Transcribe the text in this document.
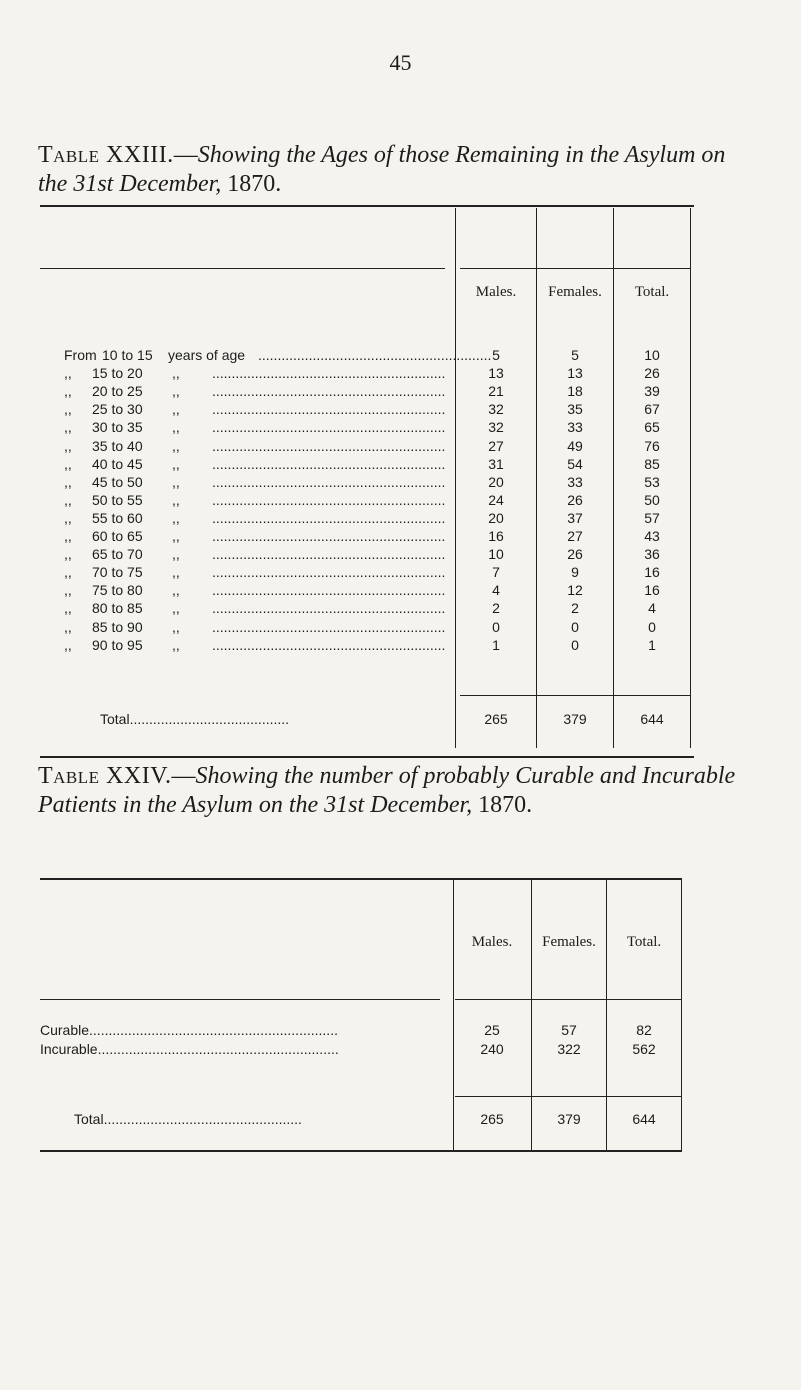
45
Table XXIII.—Showing the Ages of those Remaining in the Asylum on the 31st December, 1870.
Males.	Females.	Total.
From 10 to 15 years of age ............................................................ 5	5	10
,, 15 to 20 ,, ............................................................	13	13	26
,, 20 to 25 ,, ............................................................	21	18	39
,, 25 to 30 ,, ............................................................	32	35	67
,, 30 to 35 ,, ............................................................	32	33	65
,, 35 to 40 ,, ............................................................	27	49	76
,, 40 to 45 ,, ............................................................	31	54	85
,, 45 to 50 ,, ............................................................	20	33	53
,, 50 to 55 ,, ............................................................	24	26	50
,, 55 to 60 ,, ............................................................	20	37	57
,, 60 to 65 ,, ............................................................	16	27	43
,, 65 to 70 ,, ............................................................	10	26	36
,, 70 to 75 ,, ............................................................	7	9	16
,, 75 to 80 ,, ............................................................	4	12	16
,, 80 to 85 ,, ............................................................	2	2	4
,, 85 to 90 ,, ............................................................	0	0	0
,, 90 to 95 ,, ............................................................	1	0	1
Total.........................................	265	379	644
Table XXIV.—Showing the number of probably Curable and Incurable Patients in the Asylum on the 31st December, 1870.
Males.	Females.	Total.
Curable................................................................	25	57	82
Incurable..............................................................	240	322	562
Total...................................................	265	379	644
